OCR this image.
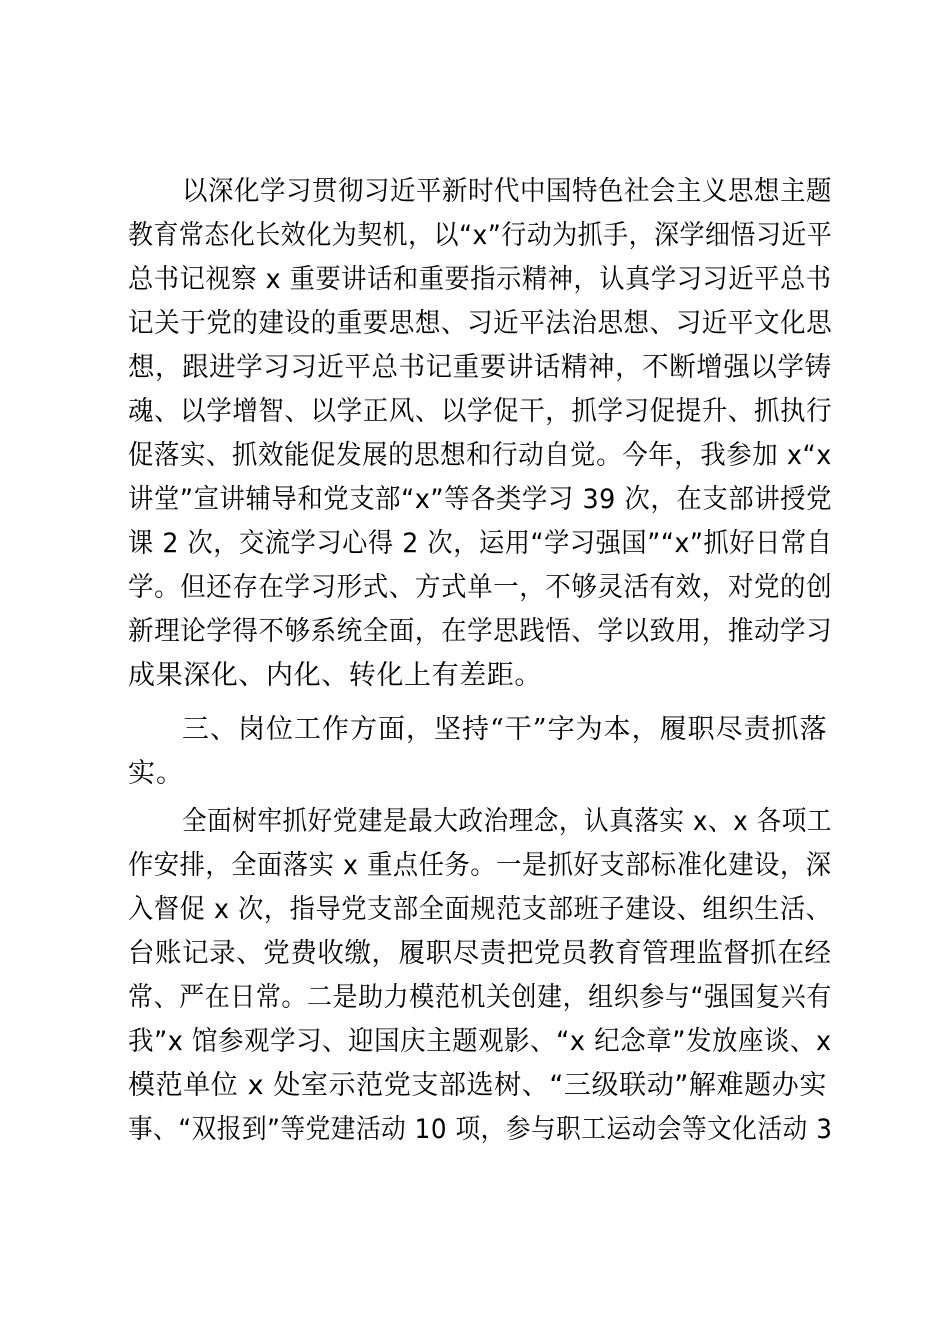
以深化学习贯彻习近平新时代中国特色社会主义思想主题
教育常态化长效化为契机，以“x”行动为抓手，深学细悟习近平
总书记视察 x 重要讲话和重要指示精神，认真学习习近平总书
记关于党的建设的重要思想、习近平法治思想、习近平文化思
想，跟进学习习近平总书记重要讲话精神，不断增强以学铸
魂、以学增智、以学正风、以学促干，抓学习促提升、抓执行
促落实、抓效能促发展的思想和行动自觉。今年，我参加 x“x
讲堂”宣讲辅导和党支部“x”等各类学习 39 次，在支部讲授党
课 2 次，交流学习心得 2 次，运用“学习强国”“x”抓好日常自
学。但还存在学习形式、方式单一，不够灵活有效，对党的创
新理论学得不够系统全面，在学思践悟、学以致用，推动学习
成果深化、内化、转化上有差距。
三、岗位工作方面，坚持“干”字为本，履职尽责抓落
实。
全面树牢抓好党建是最大政治理念，认真落实 x、x 各项工
作安排，全面落实 x 重点任务。一是抓好支部标准化建设，深
入督促 x 次，指导党支部全面规范支部班子建设、组织生活、
台账记录、党费收缴，履职尽责把党员教育管理监督抓在经
常、严在日常。二是助力模范机关创建，组织参与“强国复兴有
我”x 馆参观学习、迎国庆主题观影、“x 纪念章”发放座谈、x
模范单位 x 处室示范党支部选树、“三级联动”解难题办实
事、“双报到”等党建活动 10 项，参与职工运动会等文化活动 3
